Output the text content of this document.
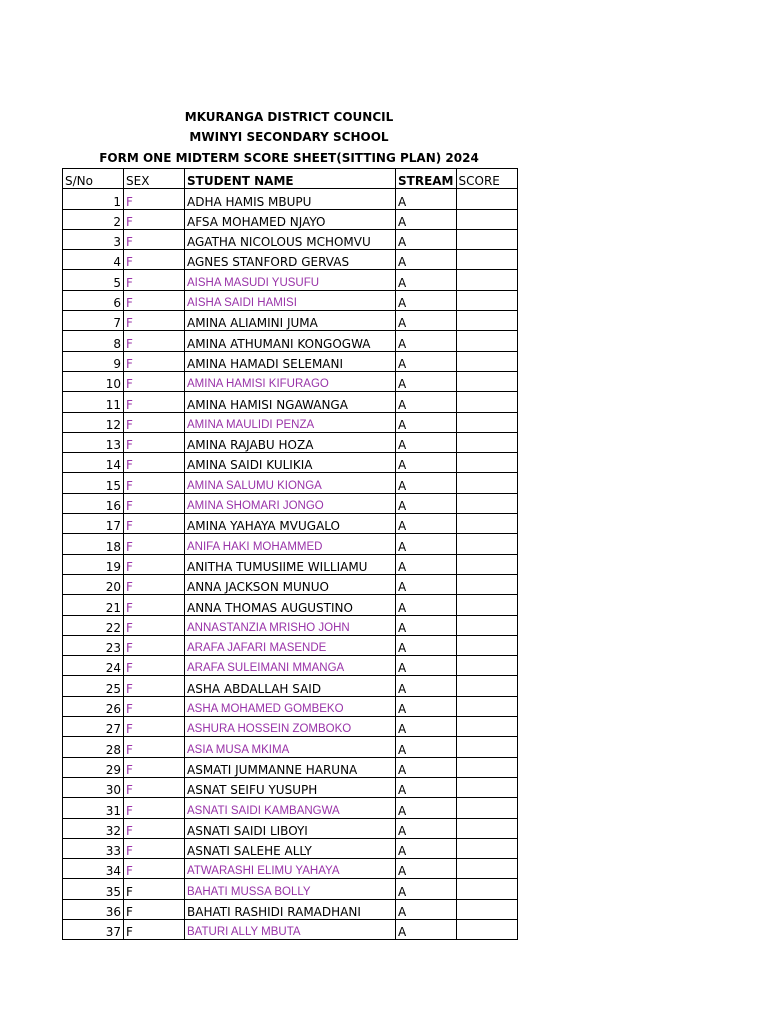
MKURANGA DISTRICT COUNCIL
MWINYI SECONDARY SCHOOL
FORM ONE MIDTERM SCORE SHEET(SITTING PLAN) 2024
S/No	SEX	STUDENT NAME	STREAM	SCORE
1	F	ADHA HAMIS MBUPU	A	
2	F	AFSA MOHAMED NJAYO	A	
3	F	AGATHA NICOLOUS MCHOMVU	A	
4	F	AGNES STANFORD GERVAS	A	
5	F	AISHA MASUDI YUSUFU	A	
6	F	AISHA SAIDI HAMISI	A	
7	F	AMINA ALIAMINI JUMA	A	
8	F	AMINA ATHUMANI KONGOGWA	A	
9	F	AMINA HAMADI SELEMANI	A	
10	F	AMINA HAMISI KIFURAGO	A	
11	F	AMINA HAMISI NGAWANGA	A	
12	F	AMINA MAULIDI PENZA	A	
13	F	AMINA RAJABU HOZA	A	
14	F	AMINA SAIDI KULIKIA	A	
15	F	AMINA SALUMU KIONGA	A	
16	F	AMINA SHOMARI JONGO	A	
17	F	AMINA YAHAYA MVUGALO	A	
18	F	ANIFA HAKI MOHAMMED	A	
19	F	ANITHA TUMUSIIME WILLIAMU	A	
20	F	ANNA JACKSON MUNUO	A	
21	F	ANNA THOMAS AUGUSTINO	A	
22	F	ANNASTANZIA MRISHO JOHN	A	
23	F	ARAFA JAFARI MASENDE	A	
24	F	ARAFA SULEIMANI MMANGA	A	
25	F	ASHA ABDALLAH SAID	A	
26	F	ASHA MOHAMED GOMBEKO	A	
27	F	ASHURA HOSSEIN ZOMBOKO	A	
28	F	ASIA MUSA MKIMA	A	
29	F	ASMATI JUMMANNE HARUNA	A	
30	F	ASNAT SEIFU YUSUPH	A	
31	F	ASNATI SAIDI KAMBANGWA	A	
32	F	ASNATI SAIDI LIBOYI	A	
33	F	ASNATI SALEHE ALLY	A	
34	F	ATWARASHI ELIMU YAHAYA	A	
35	F	BAHATI MUSSA BOLLY	A	
36	F	BAHATI RASHIDI RAMADHANI	A	
37	F	BATURI ALLY MBUTA	A	
